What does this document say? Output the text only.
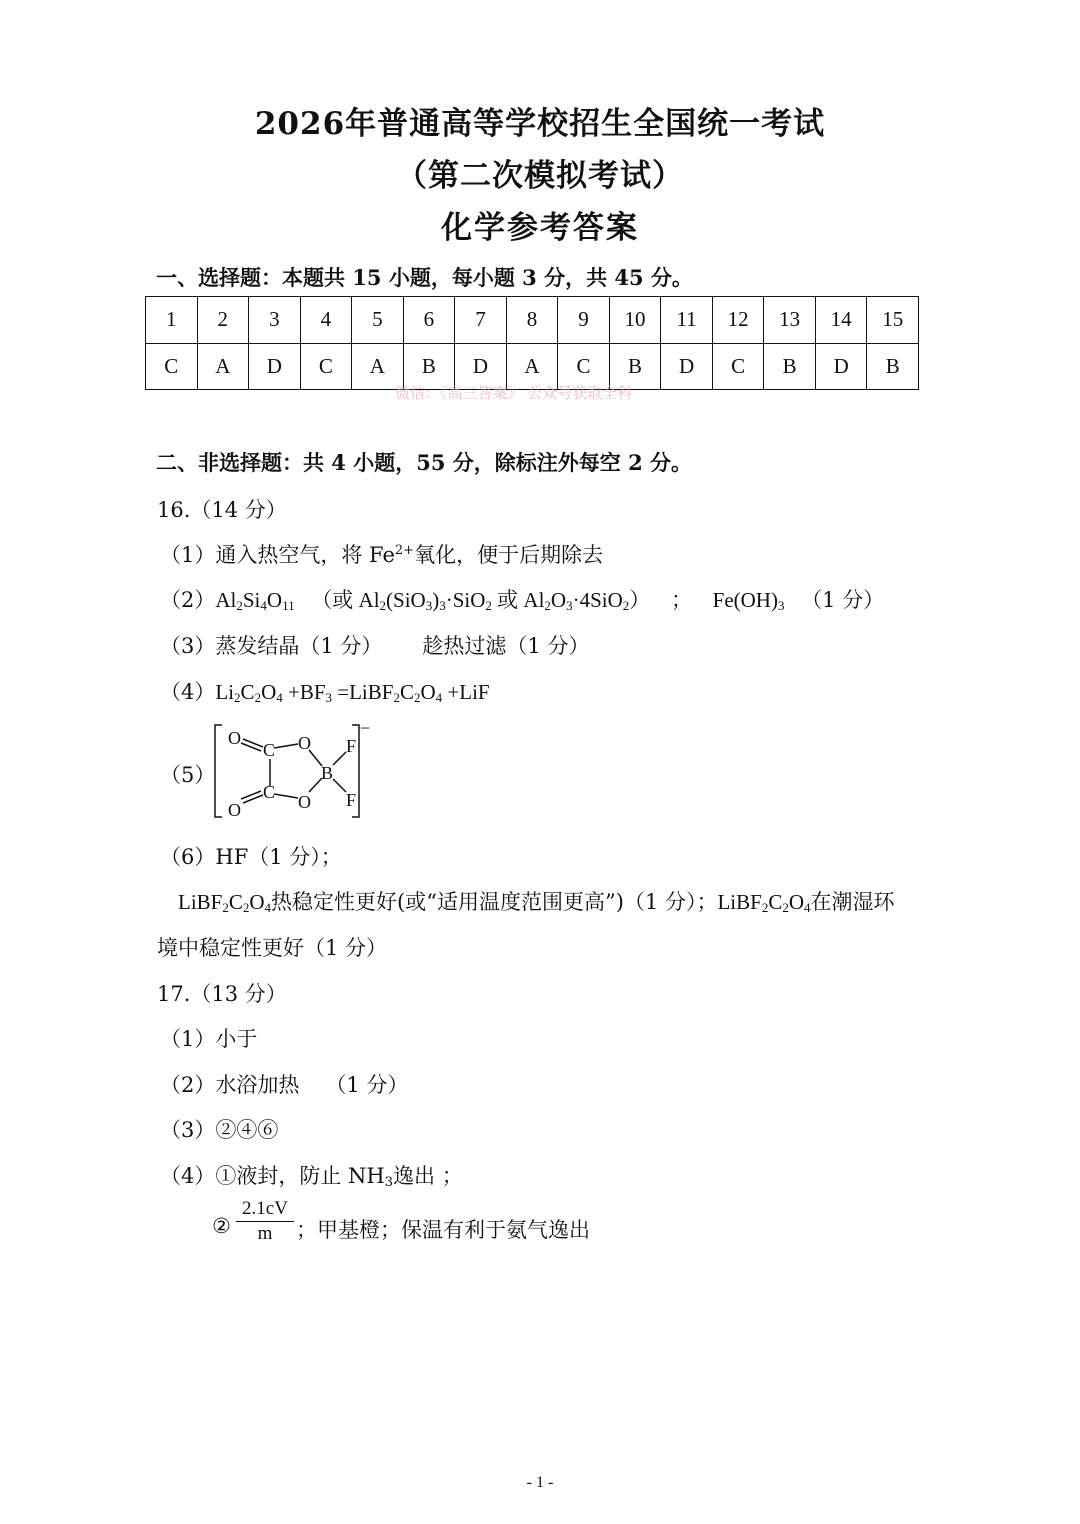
2026年普通高等学校招生全国统一考试
（第二次模拟考试）
化学参考答案

一、选择题：本题共 15 小题，每小题 3 分，共 45 分。

1	2	3	4	5	6	7	8	9	10	11	12	13	14	15
C	A	D	C	A	B	D	A	C	B	D	C	B	D	B
微信：《高三答案》 公众号获取全科

二、非选择题：共 4 小题，55 分，除标注外每空 2 分。

16.（14 分）

（1）通入热空气，将 $Fe^{2+}$氧化，便于后期除去

$(2)Al_2Si_4O_{11}$ （或 $Al_2(SiO_3)_3\cdot SiO_2$ 或 $Al_2O_3\cdot 4SiO_2$） ； $Fe(OH)_3$ （1 分）

（3）蒸发结晶（1 分） 趁热过滤（1 分）

$(4)Li_2C_2O_4 +BF_3$ $=LiBF_2C_2O_4 +LiF$

（5）

O
C O
B
F
O
C O F
−

（6）HF（1 分）；

$LiBF_2C_2O_4$热稳定性更好(或“适用温度范围更高”)（1 分）；$LiBF_2C_2O_4$在潮湿环

境中稳定性更好（1 分）

17.（13 分）

（1）小于

（2）水浴加热 （1 分）

（3）②④⑥

（4）①液封，防止 $NH_3$逸出 ；

② $\frac{2.1cV}{m}$ ；甲基橙；保温有利于氨气逸出

- 1 -
